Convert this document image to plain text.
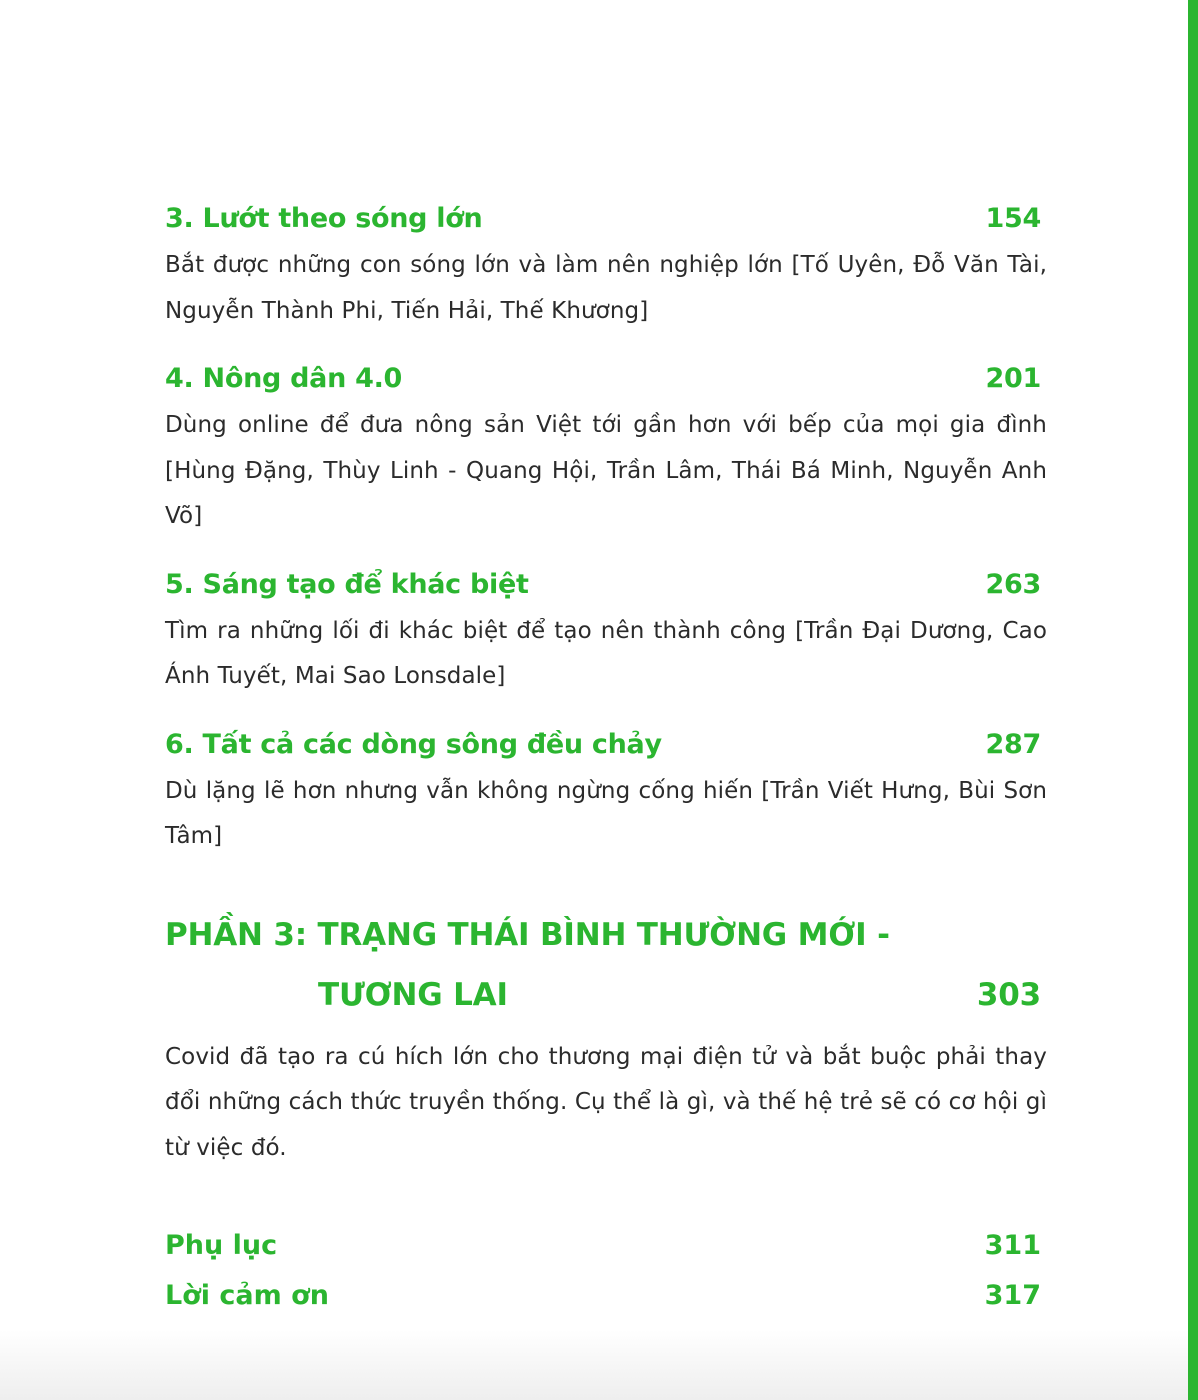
3. Lướt theo sóng lớn	154
Bắt được những con sóng lớn và làm nên nghiệp lớn [Tố Uyên, Đỗ Văn Tài, Nguyễn Thành Phi, Tiến Hải, Thế Khương]
4. Nông dân 4.0	201
Dùng online để đưa nông sản Việt tới gần hơn với bếp của mọi gia đình [Hùng Đặng, Thùy Linh - Quang Hội, Trần Lâm, Thái Bá Minh, Nguyễn Anh Võ]
5. Sáng tạo để khác biệt	263
Tìm ra những lối đi khác biệt để tạo nên thành công [Trần Đại Dương, Cao Ánh Tuyết, Mai Sao Lonsdale]
6. Tất cả các dòng sông đều chảy	287
Dù lặng lẽ hơn nhưng vẫn không ngừng cống hiến [Trần Viết Hưng, Bùi Sơn Tâm]
PHẦN 3: TRẠNG THÁI BÌNH THƯỜNG MỚI -
TƯƠNG LAI	303
Covid đã tạo ra cú hích lớn cho thương mại điện tử và bắt buộc phải thay đổi những cách thức truyền thống. Cụ thể là gì, và thế hệ trẻ sẽ có cơ hội gì từ việc đó.
Phụ lục	311
Lời cảm ơn	317
